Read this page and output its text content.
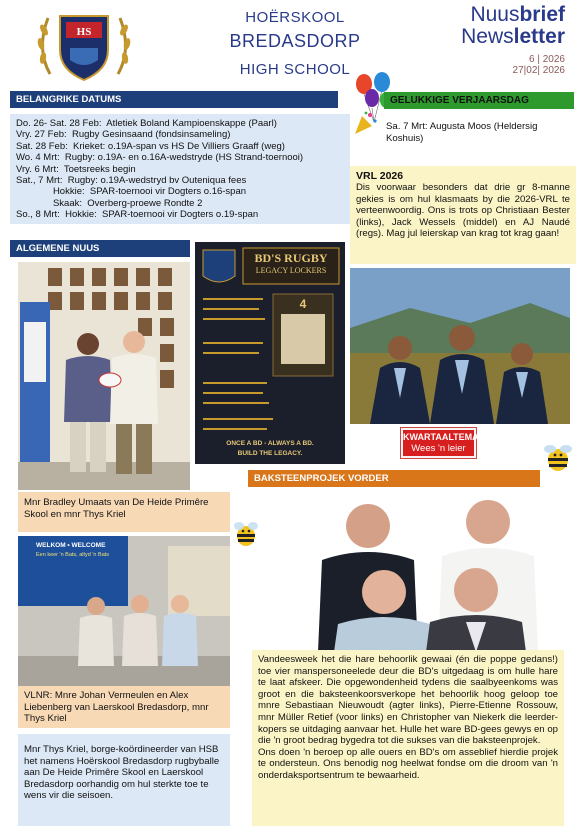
HS
HOËRSKOOL
BREDASDORP
HIGH SCHOOL
Nuusbrief
Newsletter
6 | 2026
27|02| 2026
BELANGRIKE DATUMS
Do. 26- Sat. 28 Feb:  Atletiek Boland Kampioenskappe (Paarl)
Vry. 27 Feb:  Rugby Gesinsaand (fondsinsameling)
Sat. 28 Feb:  Krieket: o.19A-span vs HS De Villiers Graaff (weg)
Wo. 4 Mrt:  Rugby: o.19A- en o.16A-wedstryde (HS Strand-toernooi)
Vry. 6 Mrt:  Toetsreeks begin
Sat., 7 Mrt:  Rugby: o.19A-wedstryd bv Outeniqua fees
Hokkie:  SPAR-toernooi vir Dogters o.16-span
Skaak:  Overberg-proewe Rondte 2
So., 8 Mrt:  Hokkie:  SPAR-toernooi vir Dogters o.19-span
GELUKKIGE VERJAARSDAG
Sa. 7 Mrt: Augusta Moos (Heldersig Koshuis)
VRL 2026
Dis voorwaar besonders dat drie gr 8-manne gekies is om hul klasmaats by die 2026-VRL te verteenwoordig. Ons is trots op Christiaan Bester (links), Jack Wessels (middel) en AJ Naudé (regs). Mag jul leierskap van krag tot krag gaan!
ALGEMENE NUUS
BD'S RUGBY
LEGACY LOCKERS
4
ONCE A BD - ALWAYS A BD.
BUILD THE LEGACY.
Mnr Bradley Umaats van De Heide Primêre Skool en mnr Thys Kriel
WELKOM • WELCOME
Een keer 'n Bats, altyd 'n Bats
VLNR: Mnre Johan Vermeulen en Alex Liebenberg van Laerskool Bredasdorp, mnr Thys Kriel
Mnr Thys Kriel, borge-koördineerder van HSB het namens Hoërskool Bredasdorp rugbyballe aan De Heide Primêre Skool en Laerskool Bredasdorp oorhandig om hul sterkte toe te wens vir die seisoen.
KWARTAALTEMA
Wees 'n leier
BAKSTEENPROJEK VORDER
Vandeesweek het die hare behoorlik gewaai (én die poppe gedans!) toe vier manspersoneelede deur die BD's uitgedaag is om hulle hare te laat afskeer. Die opgewondenheid tydens die saalbyeenkoms was groot en die baksteenkoorsverkope het behoorlik hoog geloop toe mnre Sebastiaan Nieuwoudt (agter links), Pierre-Etienne Rossouw, mnr Müller Retief (voor links) en Christopher van Niekerk die leerder-kopers se uitdaging aanvaar het. Hulle het ware BD-gees gewys en op die 'n groot bedrag bygedra tot die sukses van die baksteenprojek.
Ons doen 'n beroep op alle ouers en BD's om asseblief hierdie projek te ondersteun. Ons benodig nog heelwat fondse om die droom van 'n onderdaksportsentrum te bewaarheid.
